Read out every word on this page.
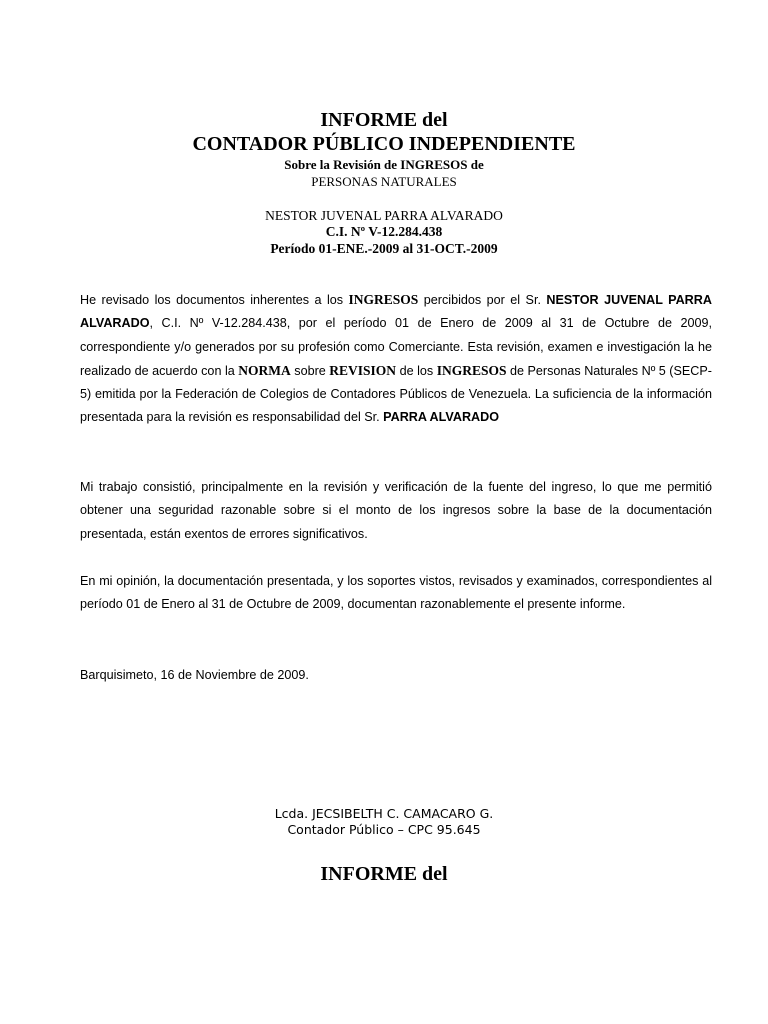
INFORME del
CONTADOR PÚBLICO INDEPENDIENTE
Sobre la Revisión de INGRESOS de
PERSONAS NATURALES
NESTOR JUVENAL PARRA ALVARADO
C.I. Nº V-12.284.438
Período 01-ENE.-2009 al 31-OCT.-2009

He revisado los documentos inherentes a los INGRESOS percibidos por el Sr. NESTOR JUVENAL PARRA ALVARADO, C.I. Nº V-12.284.438, por el período 01 de Enero de 2009 al 31 de Octubre de 2009, correspondiente y/o generados por su profesión como Comerciante. Esta revisión, examen e investigación la he realizado de acuerdo con la NORMA sobre REVISION de los INGRESOS de Personas Naturales Nº 5 (SECP-5) emitida por la Federación de Colegios de Contadores Públicos de Venezuela. La suficiencia de la información presentada para la revisión es responsabilidad del Sr. PARRA ALVARADO

Mi trabajo consistió, principalmente en la revisión y verificación de la fuente del ingreso, lo que me permitió obtener una seguridad razonable sobre si el monto de los ingresos sobre la base de la documentación presentada, están exentos de errores significativos.

En mi opinión, la documentación presentada, y los soportes vistos, revisados y examinados, correspondientes al período 01 de Enero al 31 de Octubre de 2009, documentan razonablemente el presente informe.

Barquisimeto, 16 de Noviembre de 2009.

Lcda. JECSIBELTH C. CAMACARO G.
Contador Público – CPC 95.645
INFORME del
